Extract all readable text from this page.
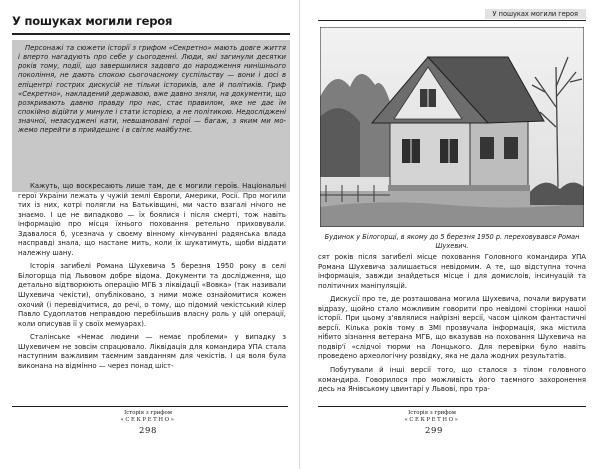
У пошуках могили героя

Персонажі та сюжети історії з грифом «Секретно» мають довге життя і вперто нагадують про себе у сьогоденні. Люди, які загинули десятки років тому, події, що завершилися задовго до народження нинішнього покоління, не дають спокою сьогочасному суспільству — вони і досі в епіцентрі гострих дискусій не тільки істориків, але й політиків. Гриф «Секретно», накладений державою, вже давно зняли, на документи, що розкривають давню правду про нас, стає правилом, яке не дає їм спокійно відійти у минуле і стати історією, а не політикою. Недосліджені значної, незасуджені кати, невшановані герої — багаж, з яким ми можемо перейти в прийдешнє і в світлє майбутнє.

Кажуть, що воскресають лише там, де є могили героїв. Національні герої України лежать у чужій землі Європи, Америки, Росії. Про могили тих із них, котрі полягли на Батьківщині, ми часто взагалі нічого не знаємо. І це не випадково — їх боялися і після смерті, тож навіть інформацію про місця їхнього поховання ретельно приховували. Здавалося б, усезнача у своєму вінному кінчуванні радянська влада насправді знала, що настане мить, коли їх шукатимуть, щоби віддати належну шану.

Історія загибелі Романа Шухевича 5 березня 1950 року в селі Білогорща під Львовом добре відома. Документи та дослідження, що детально відтворюють операцію МГБ з ліквідації «Вовка» (так називали Шухевича чекісти), опубліковано, з ними може ознайомитися кожен охочий (і перевідчитися, до речі, о тому, що підомий чекістський кілер Павло Судоплатов неправдою перебільшив власну роль у цій операції, коли описував її у своїх мемуарах).

Сталінське «Немає людини — немає проблеми» у випадку з Шухевичем не зовсім спрацювало. Ліквідація для командира УПА стала наступним важливим таємним завданням для чекістів. І ця воля була виконана на відмінно — через понад шіст‑

Історія з грифом
«СЕКРЕТНО»
298
У пошуках могили героя
Будинок у Білогорщі, в якому до 5 березня 1950 р. переховувався Роман Шухевич.

сят років після загибелі місце поховання Головного командира УПА Романа Шухевича залишається невідомим. А те, що відступна точна інформація, завжди знайдеться місце і для домислоів, інсинуацій та політичних маніпуляцій.

Дискусії про те, де розташована могила Шухевича, почали вирувати відразу, щойно стало можливим говорити про невідомі сторінки нашої історії. При цьому з'являлися найрізні версії, часом цілком фантастичні версії. Кілька років тому в ЗМІ прозвучала інформація, яка містила нібито зізнання ветерана МГБ, що вказував на поховання Шухевича на подвір'ї «слідчої тюрми на Лонцького. Для перевірки було навіть проведено археологічну розвідку, яка не дала жодних результатів.

Побутували й інші версії того, що сталося з тілом головного командира. Говорилося про можливість його таємного захоронення десь на Янівському цвинтарі у Львові, про тра‑

Історія з грифом
«СЕКРЕТНО»
299
